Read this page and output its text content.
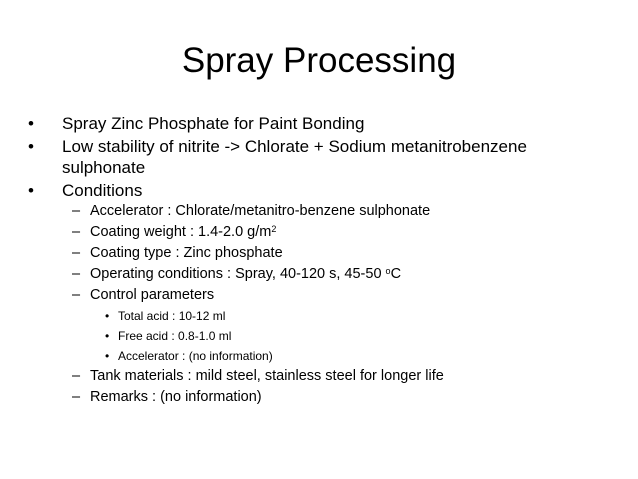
Spray Processing
• Spray Zinc Phosphate for Paint Bonding
• Low stability of nitrite -> Chlorate + Sodium metanitrobenzene
sulphonate
• Conditions
– Accelerator : Chlorate/metanitro-benzene sulphonate
– Coating weight : 1.4-2.0 $g/m^2$
– Coating type : Zinc phosphate
– Operating conditions : Spray, 40-120 s, 45-50 $^o$C
– Control parameters
• Total acid : 10-12 ml
• Free acid : 0.8-1.0 ml
• Accelerator : (no information)
– Tank materials : mild steel, stainless steel for longer life
– Remarks : (no information)
